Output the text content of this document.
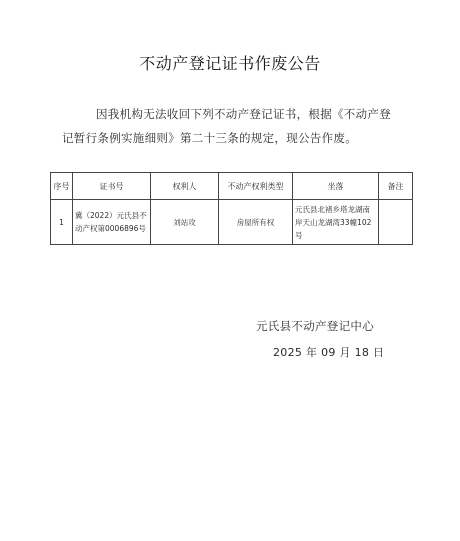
不动产登记证书作废公告
因我机构无法收回下列不动产登记证书，根据《不动产登记暂行条例实施细则》第二十三条的规定，现公告作废。
序号	证书号	权利人	不动产权利类型	坐落	备注
1	冀（2022）元氏县不动产权第0006896号	刘站攻	房屋所有权	元氏县北褚乡塔龙湖南岸天山龙湖湾33幢102号	
元氏县不动产登记中心
2025 年 09 月 18 日
